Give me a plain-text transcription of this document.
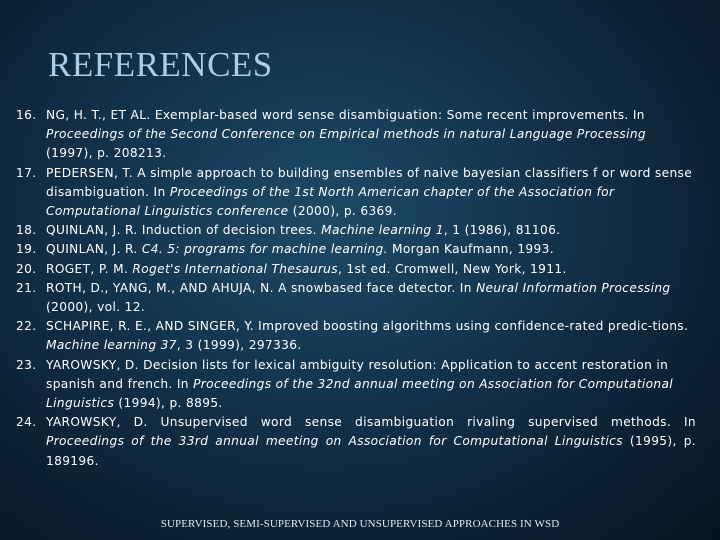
REFERENCES
16. NG, H. T., ET AL. Exemplar-based word sense disambiguation: Some recent improvements. In Proceedings of the Second Conference on Empirical methods in natural Language Processing (1997), p. 208213.
17. PEDERSEN, T. A simple approach to building ensembles of naive bayesian classifiers f or word sense disambiguation. In Proceedings of the 1st North American chapter of the Association for Computational Linguistics conference (2000), p. 6369.
18. QUINLAN, J. R. Induction of decision trees. Machine learning 1, 1 (1986), 81106.
19. QUINLAN, J. R. C4. 5: programs for machine learning. Morgan Kaufmann, 1993.
20. ROGET, P. M. Roget's International Thesaurus, 1st ed. Cromwell, New York, 1911.
21. ROTH, D., YANG, M., AND AHUJA, N. A snowbased face detector. In Neural Information Processing (2000), vol. 12.
22. SCHAPIRE, R. E., AND SINGER, Y. Improved boosting algorithms using confidence-rated predic-tions. Machine learning 37, 3 (1999), 297336.
23. YAROWSKY, D. Decision lists for lexical ambiguity resolution: Application to accent restoration in spanish and french. In Proceedings of the 32nd annual meeting on Association for Computational Linguistics (1994), p. 8895.
24. YAROWSKY, D. Unsupervised word sense disambiguation rivaling supervised methods. In Proceedings of the 33rd annual meeting on Association for Computational Linguistics (1995), p. 189196.
SUPERVISED, SEMI-SUPERVISED AND UNSUPERVISED APPROACHES IN WSD
